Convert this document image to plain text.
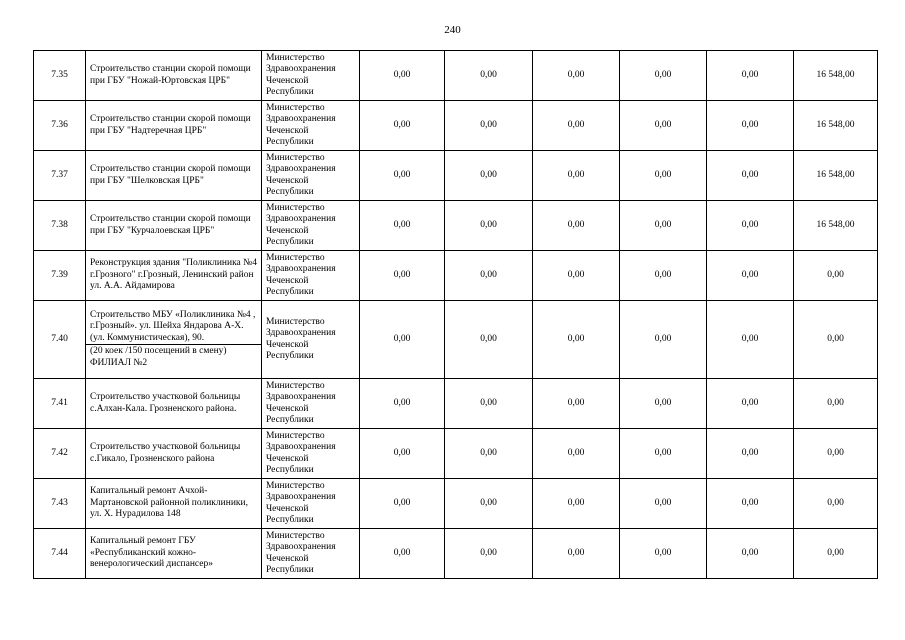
240
7.35	Строительство станции скорой помощи при ГБУ "Ножай-Юртовская ЦРБ"	Министерство Здравоохранения Чеченской Республики	0,00	0,00	0,00	0,00	0,00	16 548,00
7.36	Строительство станции скорой помощи при ГБУ "Надтеречная ЦРБ"	Министерство Здравоохранения Чеченской Республики	0,00	0,00	0,00	0,00	0,00	16 548,00
7.37	Строительство станции скорой помощи при ГБУ "Шелковская ЦРБ"	Министерство Здравоохранения Чеченской Республики	0,00	0,00	0,00	0,00	0,00	16 548,00
7.38	Строительство станции скорой помощи при ГБУ "Курчалоевская ЦРБ"	Министерство Здравоохранения Чеченской Республики	0,00	0,00	0,00	0,00	0,00	16 548,00
7.39	Реконструкция здания "Поликлиника №4 г.Грозного" г.Грозный, Ленинский район ул. А.А. Айдамирова	Министерство Здравоохранения Чеченской Республики	0,00	0,00	0,00	0,00	0,00	0,00
7.40	Строительство МБУ «Поликлиника №4 , г.Грозный». ул. Шейха Яндарова А-Х. (ул. Коммунистическая), 90.
(20 коек /150 посещений в смену) ФИЛИАЛ №2	Министерство Здравоохранения Чеченской Республики	0,00	0,00	0,00	0,00	0,00	0,00
7.41	Строительство участковой больницы с.Алхан-Кала. Грозненского района.	Министерство Здравоохранения Чеченской Республики	0,00	0,00	0,00	0,00	0,00	0,00
7.42	Строительство участковой больницы с.Гикало, Грозненского района	Министерство Здравоохранения Чеченской Республики	0,00	0,00	0,00	0,00	0,00	0,00
7.43	Капитальный ремонт Ачхой-Мартановской районной поликлиники, ул. Х. Нурадилова 148	Министерство Здравоохранения Чеченской Республики	0,00	0,00	0,00	0,00	0,00	0,00
7.44	Капитальный ремонт ГБУ «Республиканский кожно-венерологический диспансер»	Министерство Здравоохранения Чеченской Республики	0,00	0,00	0,00	0,00	0,00	0,00
